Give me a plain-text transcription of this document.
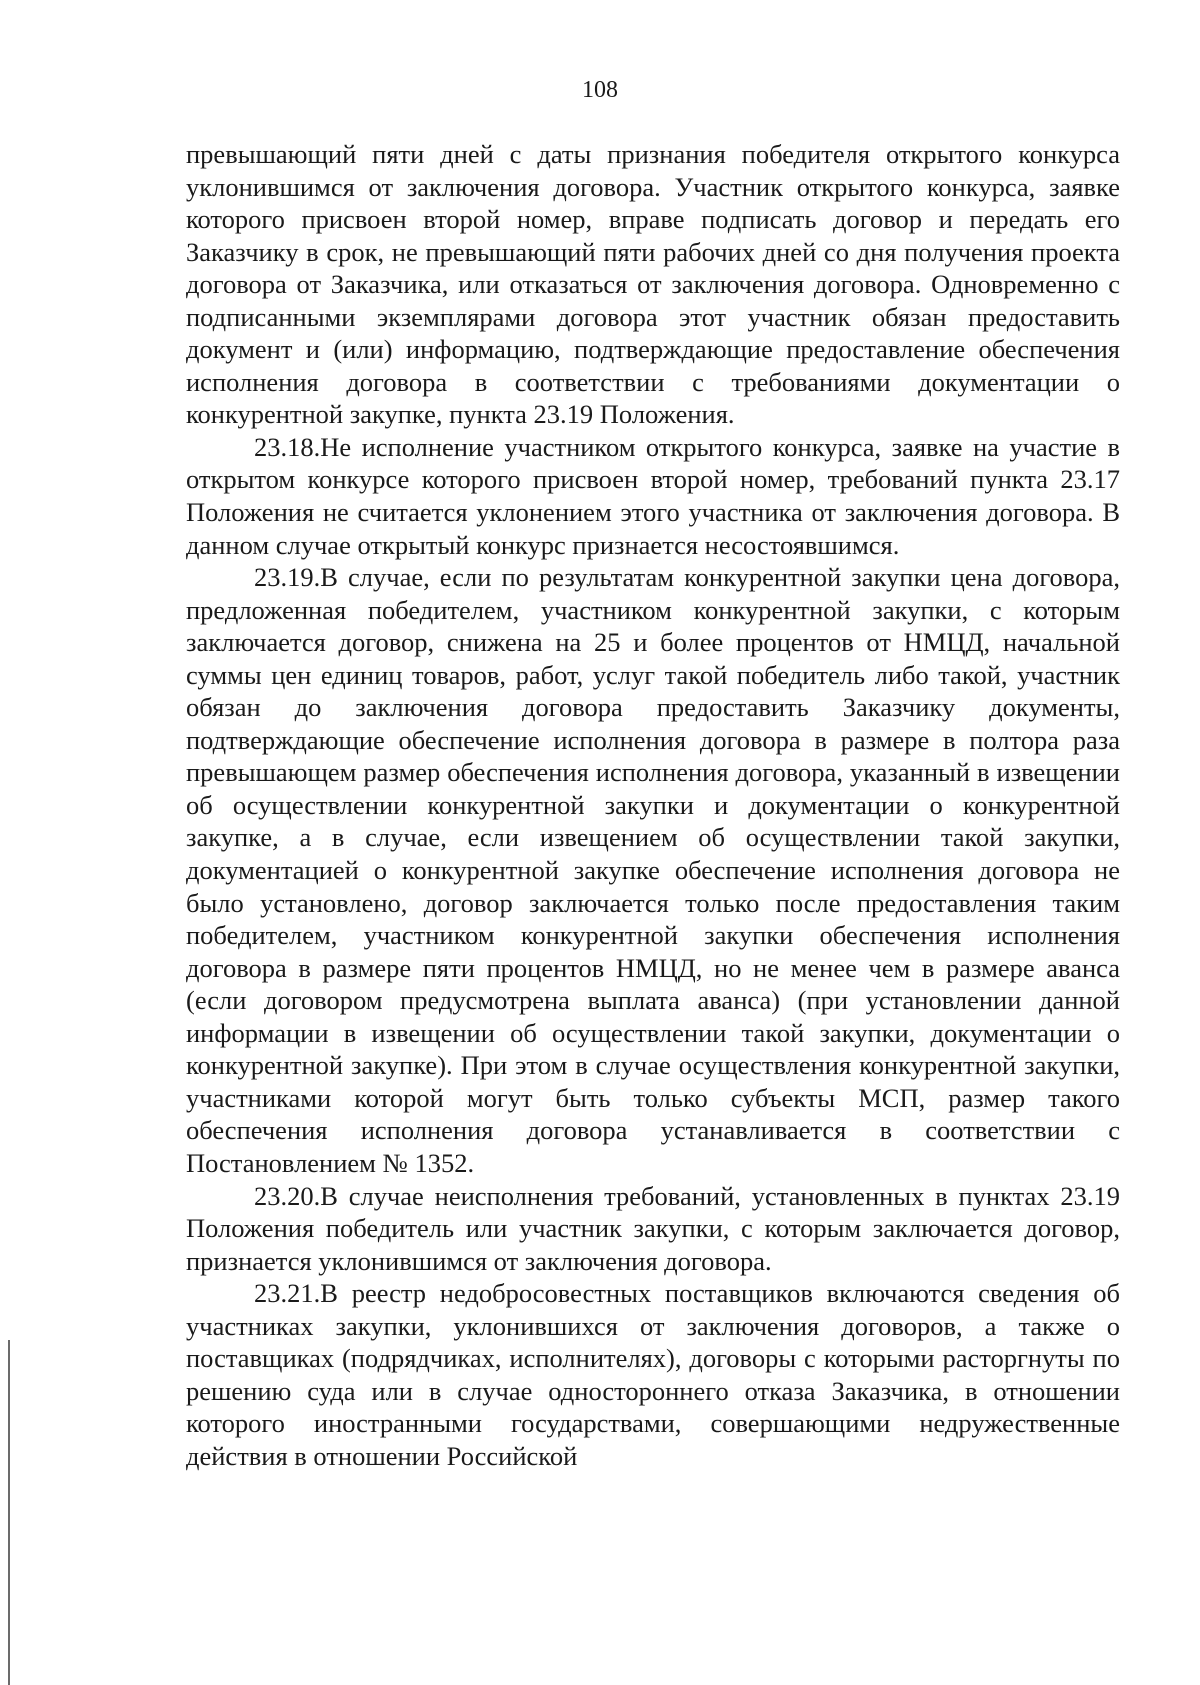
108

превышающий пяти дней с даты признания победителя открытого конкурса уклонившимся от заключения договора. Участник открытого конкурса, заявке которого присвоен второй номер, вправе подписать договор и передать его Заказчику в срок, не превышающий пяти рабочих дней со дня получения проекта договора от Заказчика, или отказаться от заключения договора. Одновременно с подписанными экземплярами договора этот участник обязан предоставить документ и (или) информацию, подтверждающие предоставление обеспечения исполнения договора в соответствии с требованиями документации о конкурентной закупке, пункта 23.19 Положения.

23.18.Не исполнение участником открытого конкурса, заявке на участие в открытом конкурсе которого присвоен второй номер, требований пункта 23.17 Положения не считается уклонением этого участника от заключения договора. В данном случае открытый конкурс признается несостоявшимся.

23.19.В случае, если по результатам конкурентной закупки цена договора, предложенная победителем, участником конкурентной закупки, с которым заключается договор, снижена на 25 и более процентов от НМЦД, начальной суммы цен единиц товаров, работ, услуг такой победитель либо такой, участник обязан до заключения договора предоставить Заказчику документы, подтверждающие обеспечение исполнения договора в размере в полтора раза превышающем размер обеспечения исполнения договора, указанный в извещении об осуществлении конкурентной закупки и документации о конкурентной закупке, а в случае, если извещением об осуществлении такой закупки, документацией о конкурентной закупке обеспечение исполнения договора не было установлено, договор заключается только после предоставления таким победителем, участником конкурентной закупки обеспечения исполнения договора в размере пяти процентов НМЦД, но не менее чем в размере аванса (если договором предусмотрена выплата аванса) (при установлении данной информации в извещении об осуществлении такой закупки, документации о конкурентной закупке). При этом в случае осуществления конкурентной закупки, участниками которой могут быть только субъекты МСП, размер такого обеспечения исполнения договора устанавливается в соответствии с Постановлением № 1352.

23.20.В случае неисполнения требований, установленных в пунктах 23.19 Положения победитель или участник закупки, с которым заключается договор, признается уклонившимся от заключения договора.

23.21.В реестр недобросовестных поставщиков включаются сведения об участниках закупки, уклонившихся от заключения договоров, а также о поставщиках (подрядчиках, исполнителях), договоры с которыми расторгнуты по решению суда или в случае одностороннего отказа Заказчика, в отношении которого иностранными государствами, совершающими недружественные действия в отношении Российской
